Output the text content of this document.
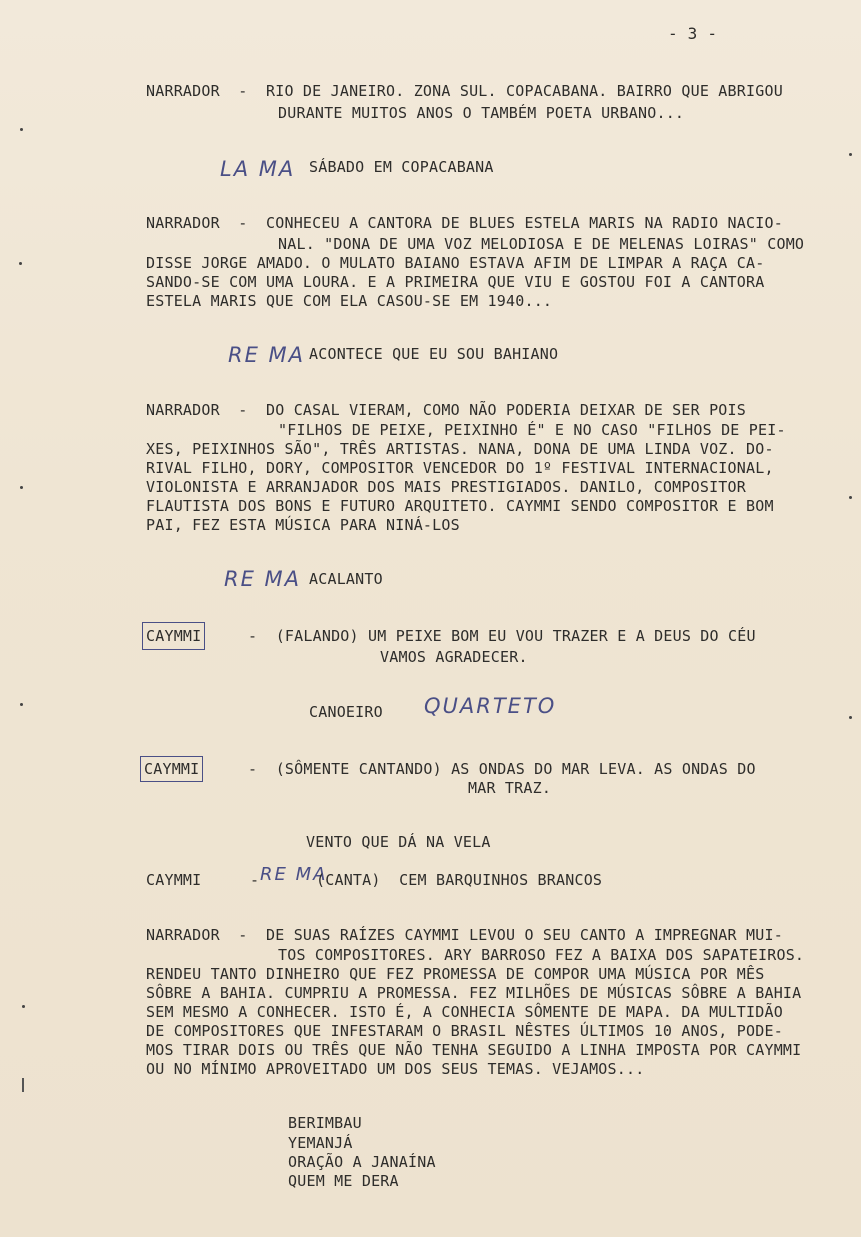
- 3 -
NARRADOR  -  RIO DE JANEIRO. ZONA SUL. COPACABANA. BAIRRO QUE ABRIGOU
DURANTE MUITOS ANOS O TAMBÉM POETA URBANO...
LA MA SÁBADO EM COPACABANA
NARRADOR  -  CONHECEU A CANTORA DE BLUES ESTELA MARIS NA RADIO NACIO-
NAL. "DONA DE UMA VOZ MELODIOSA E DE MELENAS LOIRAS" COMO
DISSE JORGE AMADO. O MULATO BAIANO ESTAVA AFIM DE LIMPAR A RAÇA CA-
SANDO-SE COM UMA LOURA. E A PRIMEIRA QUE VIU E GOSTOU FOI A CANTORA
ESTELA MARIS QUE COM ELA CASOU-SE EM 1940...
RE MA ACONTECE QUE EU SOU BAHIANO
NARRADOR  -  DO CASAL VIERAM, COMO NÃO PODERIA DEIXAR DE SER POIS
"FILHOS DE PEIXE, PEIXINHO É" E NO CASO "FILHOS DE PEI-
XES, PEIXINHOS SÃO", TRÊS ARTISTAS. NANA, DONA DE UMA LINDA VOZ. DO-
RIVAL FILHO, DORY, COMPOSITOR VENCEDOR DO 1º FESTIVAL INTERNACIONAL,
VIOLONISTA E ARRANJADOR DOS MAIS PRESTIGIADOS. DANILO, COMPOSITOR
FLAUTISTA DOS BONS E FUTURO ARQUITETO. CAYMMI SENDO COMPOSITOR E BOM
PAI, FEZ ESTA MÚSICA PARA NINÁ-LOS
RE MA ACALANTO
CAYMMI	-  (FALANDO) UM PEIXE BOM EU VOU TRAZER E A DEUS DO CÉU
VAMOS AGRADECER.
CANOEIRO QUARTETO
CAYMMI	-  (SÔMENTE CANTANDO) AS ONDAS DO MAR LEVA. AS ONDAS DO
MAR TRAZ.
VENTO QUE DÁ NA VELA
CAYMMI	- RE MA
(CANTA)  CEM BARQUINHOS BRANCOS
NARRADOR  -  DE SUAS RAÍZES CAYMMI LEVOU O SEU CANTO A IMPREGNAR MUI-
TOS COMPOSITORES. ARY BARROSO FEZ A BAIXA DOS SAPATEIROS.
RENDEU TANTO DINHEIRO QUE FEZ PROMESSA DE COMPOR UMA MÚSICA POR MÊS
SÔBRE A BAHIA. CUMPRIU A PROMESSA. FEZ MILHÕES DE MÚSICAS SÔBRE A BAHIA
SEM MESMO A CONHECER. ISTO É, A CONHECIA SÔMENTE DE MAPA. DA MULTIDÃO
DE COMPOSITORES QUE INFESTARAM O BRASIL NÊSTES ÚLTIMOS 10 ANOS, PODE-
MOS TIRAR DOIS OU TRÊS QUE NÃO TENHA SEGUIDO A LINHA IMPOSTA POR CAYMMI
OU NO MÍNIMO APROVEITADO UM DOS SEUS TEMAS. VEJAMOS...
BERIMBAU
YEMANJÁ
ORAÇÃO A JANAÍNA
QUEM ME DERA
